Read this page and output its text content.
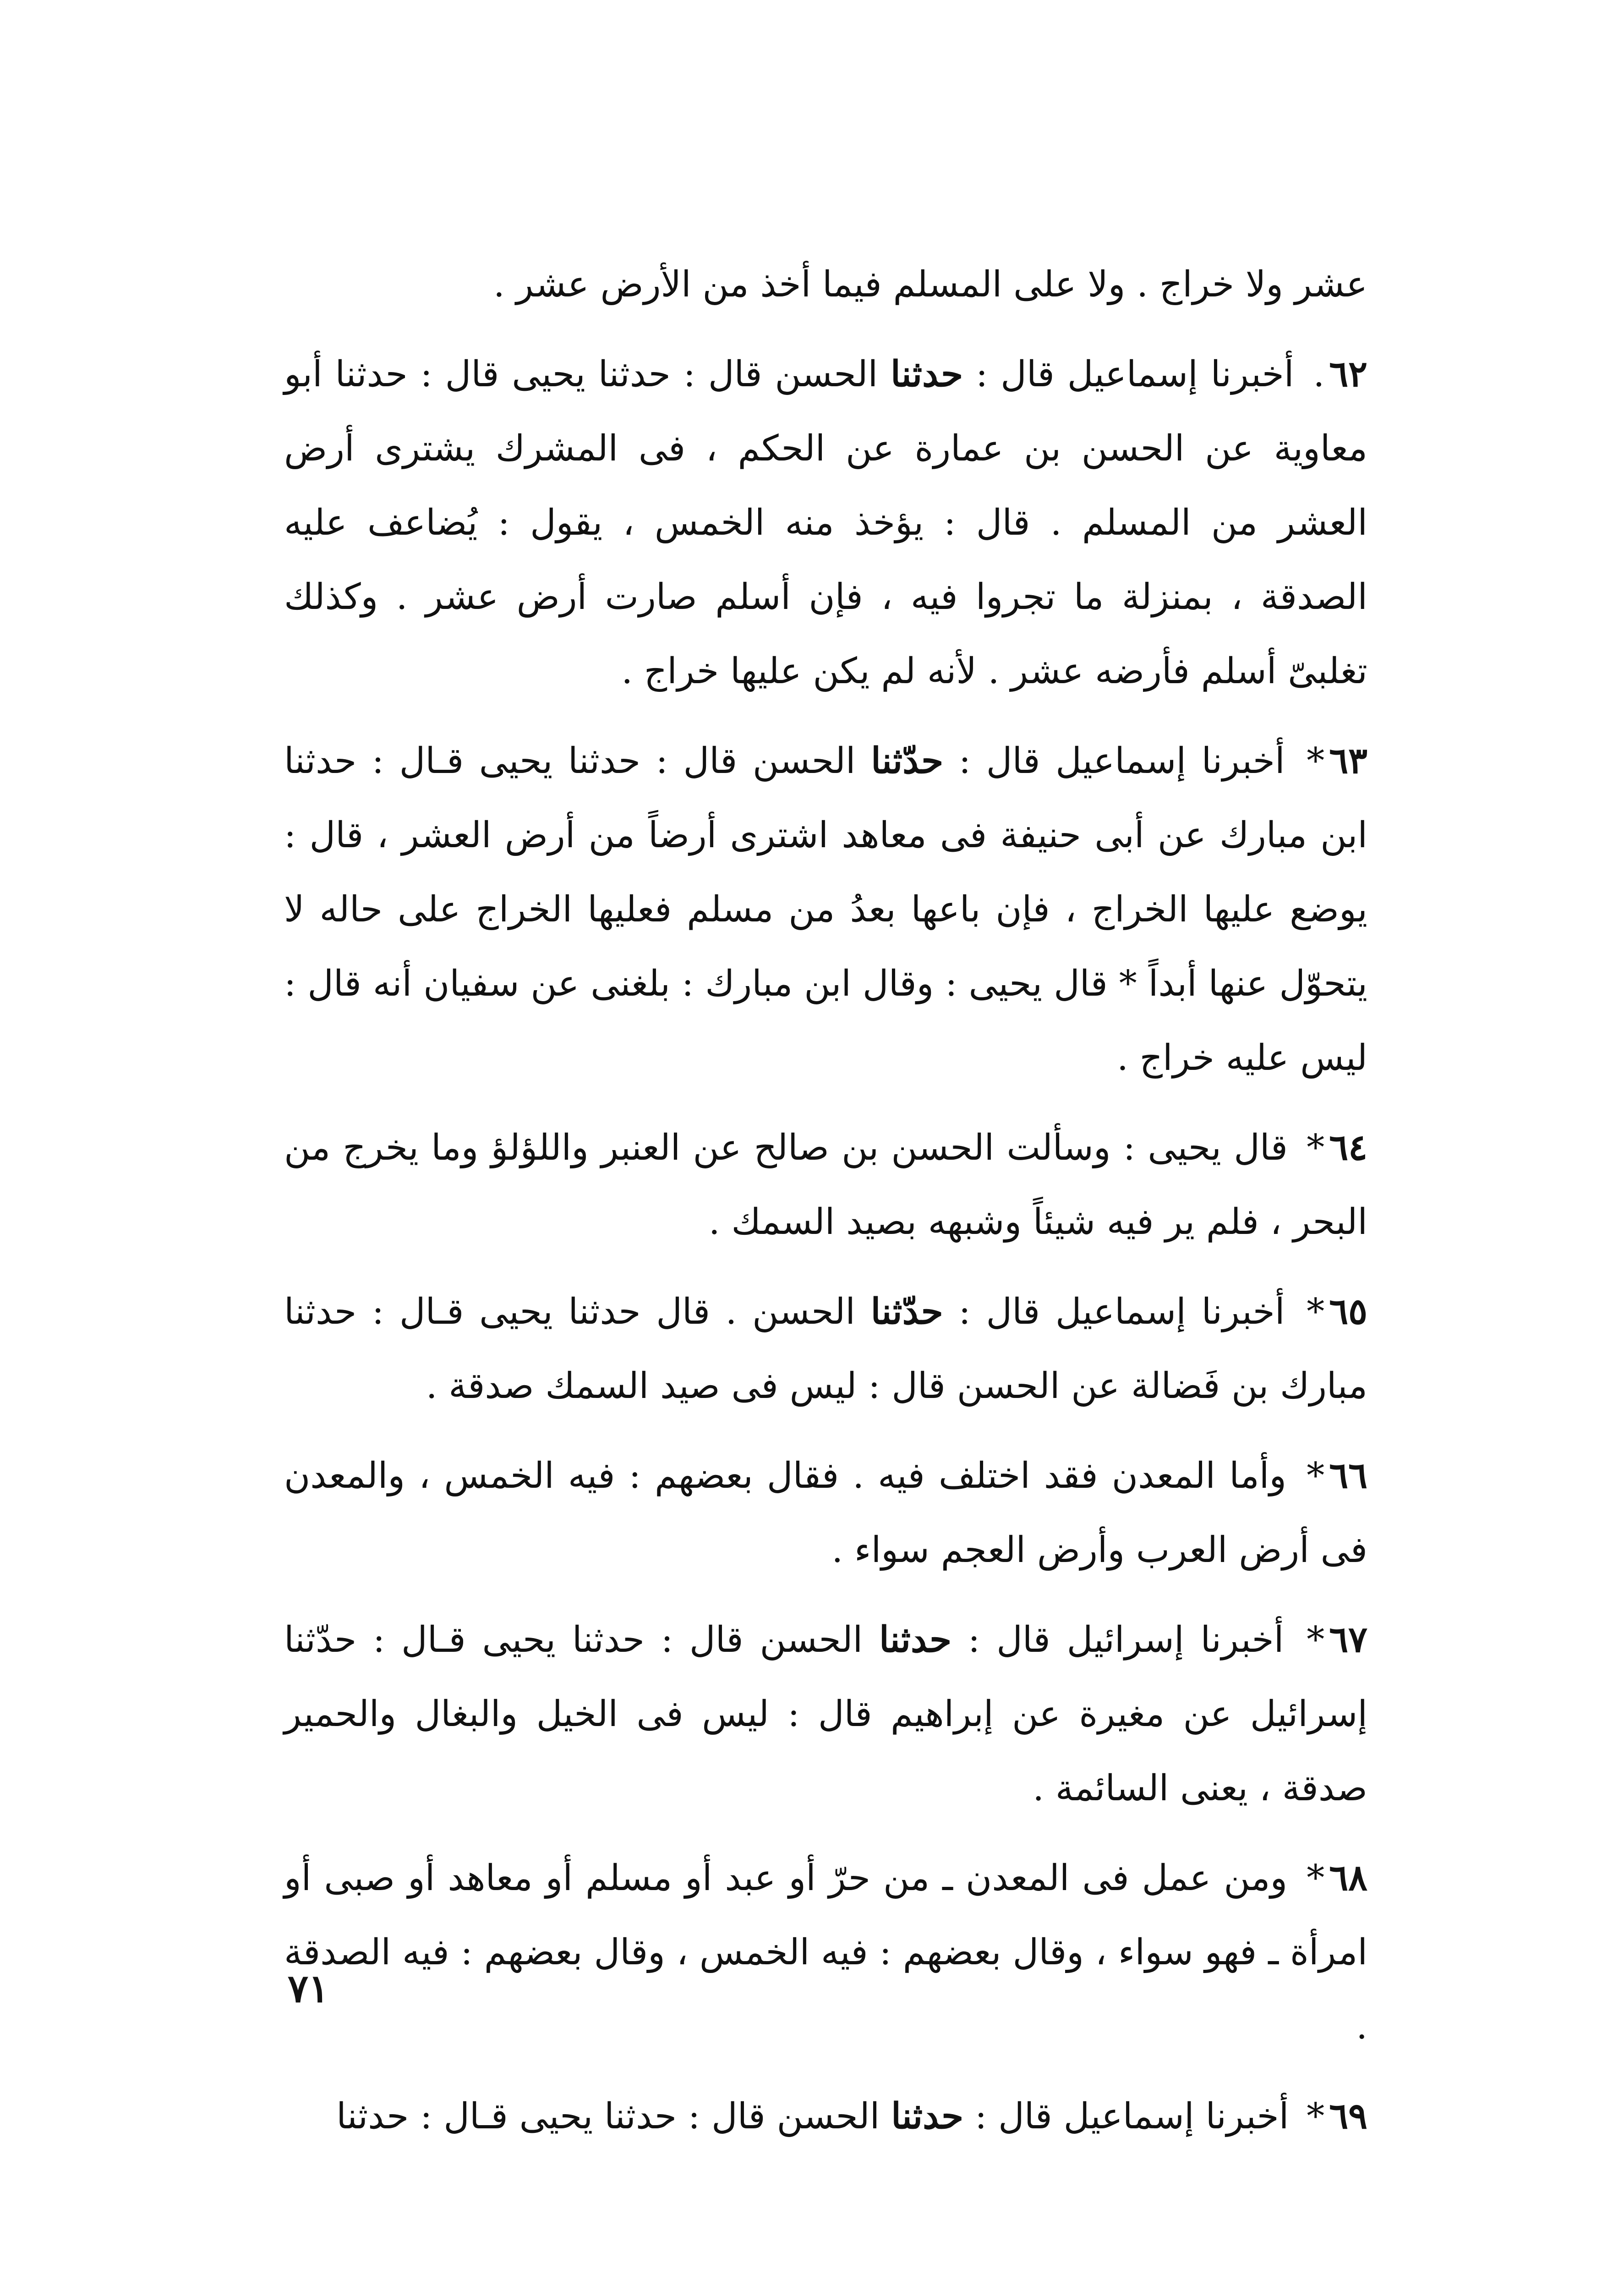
عشر ولا خراج . ولا على المسلم فيما أخذ من الأرض عشر .

٦٢. أخبرنا إسماعيل قال : حدثنا الحسن قال : حدثنا يحيى قال : حدثنا أبو معاوية عن الحسن بن عمارة عن الحكم ، فى المشرك يشترى أرض العشر من المسلم . قال : يؤخذ منه الخمس ، يقول : يُضاعف عليه الصدقة ، بمنزلة ما تجروا فيه ، فإن أسلم صارت أرض عشر . وكذلك تغلبىّ أسلم فأرضه عشر . لأنه لم يكن عليها خراج .

٦٣* أخبرنا إسماعيل قال : حدّثنا الحسن قال : حدثنا يحيى قـال : حدثنا ابن مبارك عن أبى حنيفة فى معاهد اشترى أرضاً من أرض العشر ، قال : يوضع عليها الخراج ، فإن باعها بعدُ من مسلم فعليها الخراج على حاله لا يتحوّل عنها أبداً * قال يحيى : وقال ابن مبارك : بلغنى عن سفيان أنه قال : ليس عليه خراج .

٦٤* قال يحيى : وسألت الحسن بن صالح عن العنبر واللؤلؤ وما يخرج من البحر ، فلم ير فيه شيئاً وشبهه بصيد السمك .

٦٥* أخبرنا إسماعيل قال : حدّثنا الحسن . قال حدثنا يحيى قـال : حدثنا مبارك بن فَضالة عن الحسن قال : ليس فى صيد السمك صدقة .

٦٦* وأما المعدن فقد اختلف فيه . فقال بعضهم : فيه الخمس ، والمعدن فى أرض العرب وأرض العجم سواء .

٦٧* أخبرنا إسرائيل قال : حدثنا الحسن قال : حدثنا يحيى قـال : حدّثنا إسرائيل عن مغيرة عن إبراهيم قال : ليس فى الخيل والبغال والحمير صدقة ، يعنى السائمة .

٦٨* ومن عمل فى المعدن ـ من حرّ أو عبد أو مسلم أو معاهد أو صبى أو امرأة ـ فهو سواء ، وقال بعضهم : فيه الخمس ، وقال بعضهم : فيه الصدقة .

٦٩* أخبرنا إسماعيل قال : حدثنا الحسن قال : حدثنا يحيى قـال : حدثنا

٧١
